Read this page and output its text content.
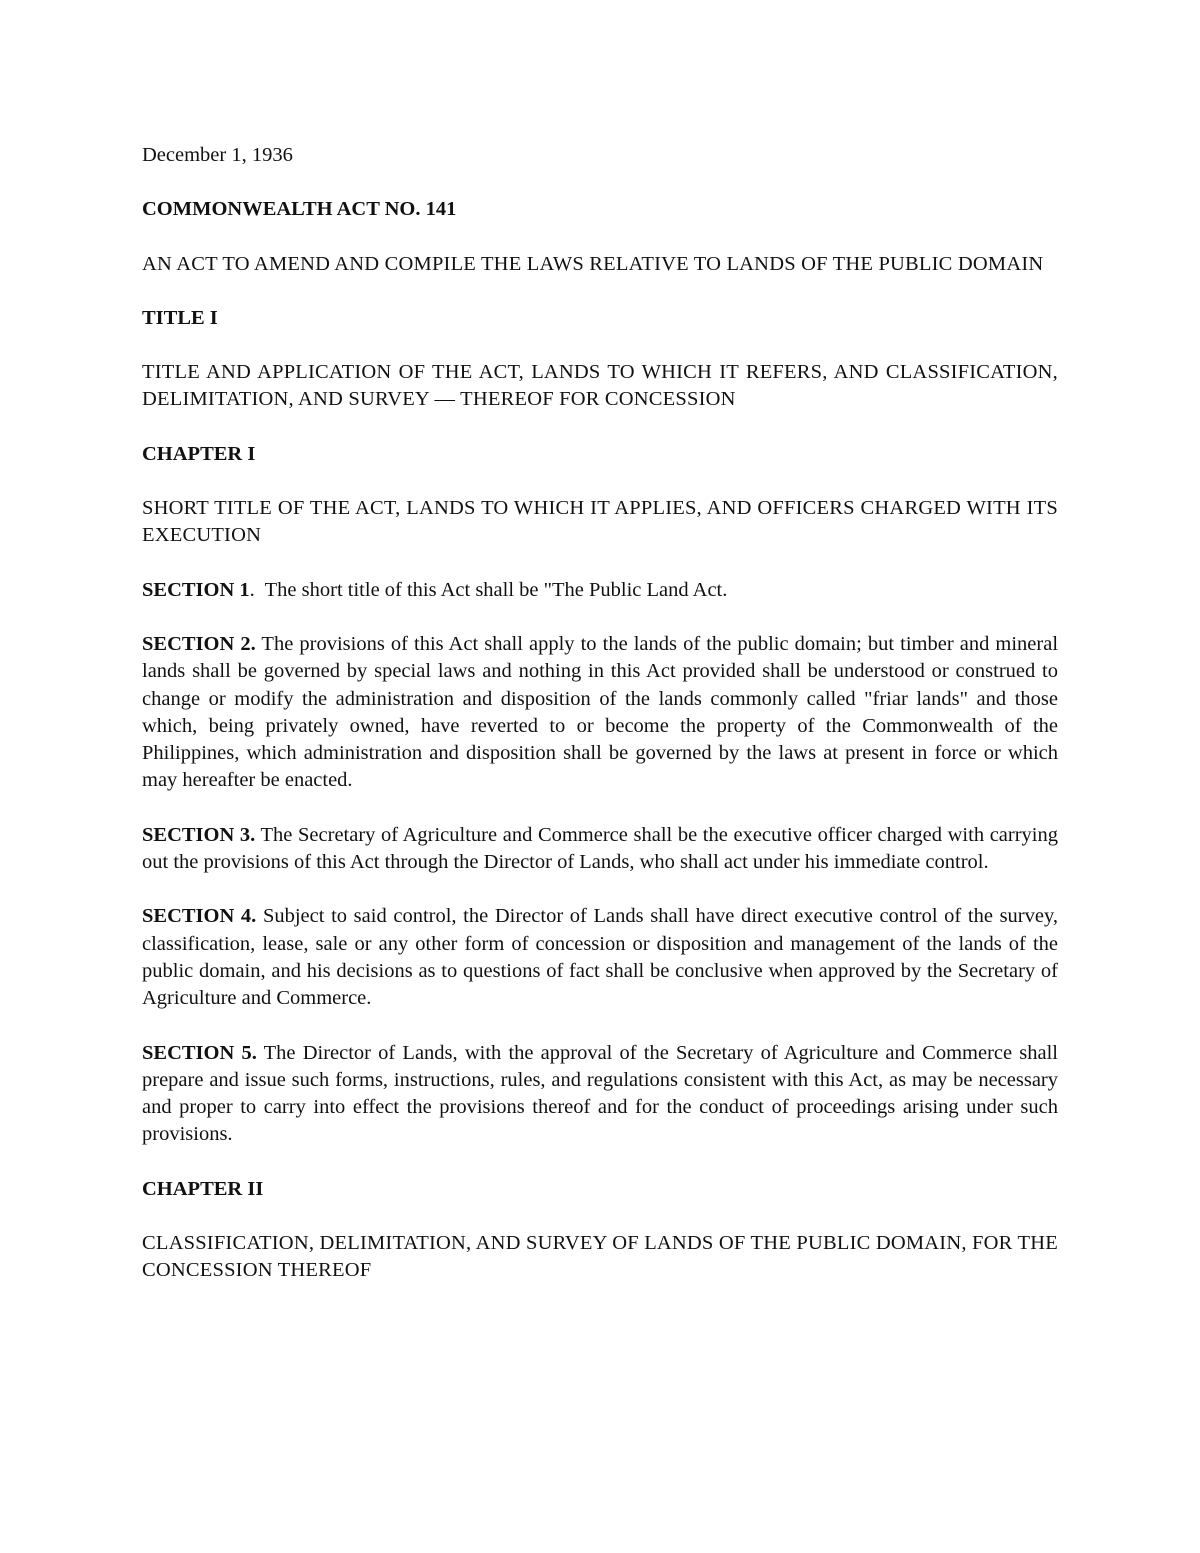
December 1, 1936

COMMONWEALTH ACT NO. 141

AN ACT TO AMEND AND COMPILE THE LAWS RELATIVE TO LANDS OF THE PUBLIC DOMAIN

TITLE I

TITLE AND APPLICATION OF THE ACT, LANDS TO WHICH IT REFERS, AND CLASSIFICATION, DELIMITATION, AND SURVEY — THEREOF FOR CONCESSION

CHAPTER I

SHORT TITLE OF THE ACT, LANDS TO WHICH IT APPLIES, AND OFFICERS CHARGED WITH ITS EXECUTION

SECTION 1.  The short title of this Act shall be "The Public Land Act.

SECTION 2. The provisions of this Act shall apply to the lands of the public domain; but timber and mineral lands shall be governed by special laws and nothing in this Act provided shall be understood or construed to change or modify the administration and disposition of the lands commonly called "friar lands" and those which, being privately owned, have reverted to or become the property of the Commonwealth of the Philippines, which administration and disposition shall be governed by the laws at present in force or which may hereafter be enacted.

SECTION 3. The Secretary of Agriculture and Commerce shall be the executive officer charged with carrying out the provisions of this Act through the Director of Lands, who shall act under his immediate control.

SECTION 4. Subject to said control, the Director of Lands shall have direct executive control of the survey, classification, lease, sale or any other form of concession or disposition and management of the lands of the public domain, and his decisions as to questions of fact shall be conclusive when approved by the Secretary of Agriculture and Commerce.

SECTION 5. The Director of Lands, with the approval of the Secretary of Agriculture and Commerce shall prepare and issue such forms, instructions, rules, and regulations consistent with this Act, as may be necessary and proper to carry into effect the provisions thereof and for the conduct of proceedings arising under such provisions.

CHAPTER II

CLASSIFICATION, DELIMITATION, AND SURVEY OF LANDS OF THE PUBLIC DOMAIN, FOR THE CONCESSION THEREOF
